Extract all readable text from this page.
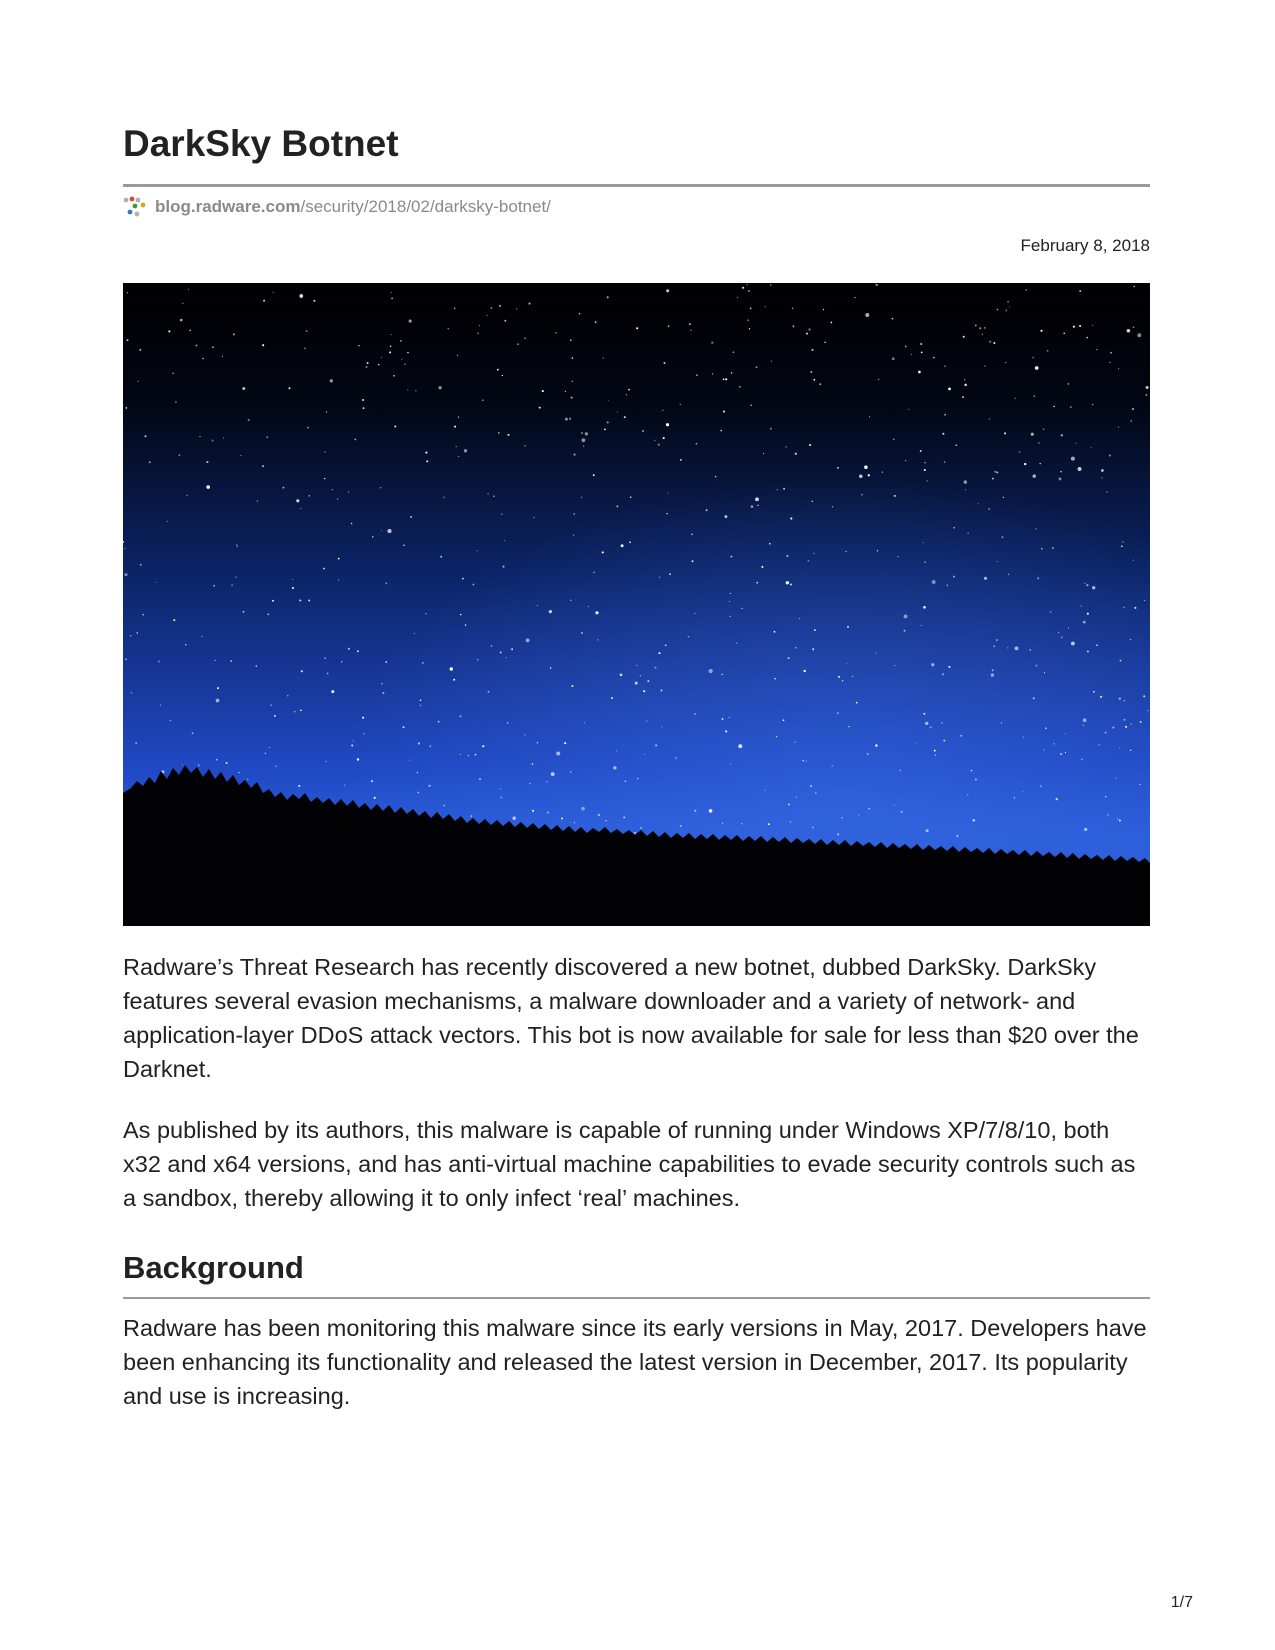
DarkSky Botnet
blog.radware.com /security/2018/02/darksky-botnet/
February 8, 2018

Radware’s Threat Research has recently discovered a new botnet, dubbed DarkSky. DarkSky features several evasion mechanisms, a malware downloader and a variety of network- and application-layer DDoS attack vectors. This bot is now available for sale for less than $20 over the Darknet.

As published by its authors, this malware is capable of running under Windows XP/7/8/10, both x32 and x64 versions, and has anti-virtual machine capabilities to evade security controls such as a sandbox, thereby allowing it to only infect ‘real’ machines.

Background

Radware has been monitoring this malware since its early versions in May, 2017. Developers have been enhancing its functionality and released the latest version in December, 2017. Its popularity and use is increasing.

1/7
